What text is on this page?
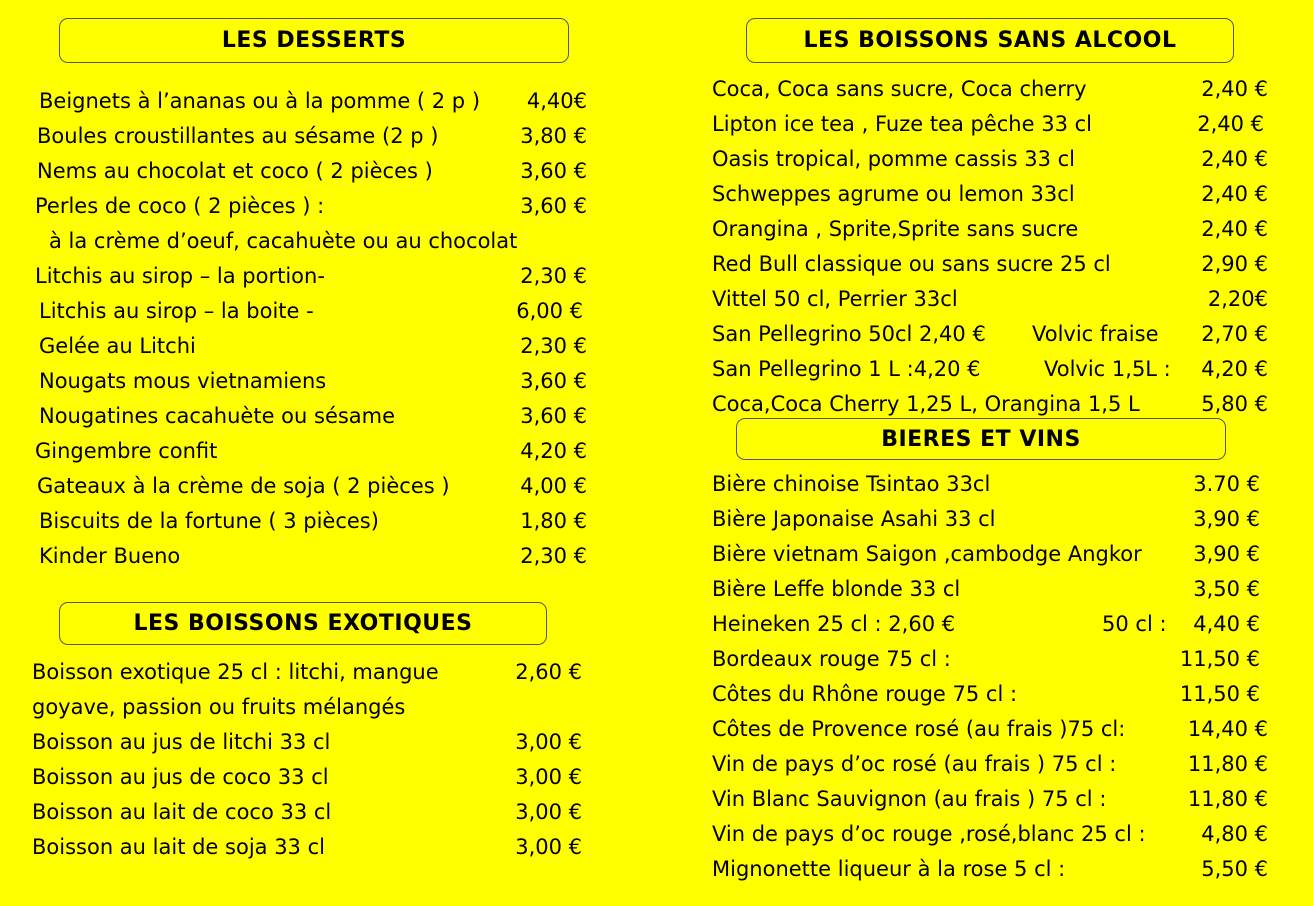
LES DESSERTS
LES BOISSONS EXOTIQUES
LES BOISSONS SANS ALCOOL
BIERES ET VINS
Beignets à l’ananas ou à la pomme ( 2 p ) 4,40€
Boules croustillantes au sésame (2 p )	3,80 €
Nems au chocolat et coco ( 2 pièces )	3,60 €
Perles de coco ( 2 pièces ) :	3,60 €
à la crème d’oeuf, cacahuète ou au chocolat
Litchis au sirop – la portion-	2,30 €
Litchis au sirop – la boite -	6,00 €
Gelée au Litchi	2,30 €
Nougats mous vietnamiens	3,60 €
Nougatines cacahuète ou sésame	3,60 €
Gingembre confit	4,20 €
Gateaux à la crème de soja ( 2 pièces )	4,00 €
Biscuits de la fortune ( 3 pièces)	1,80 €
Kinder Bueno	2,30 €
Boisson exotique 25 cl : litchi, mangue	2,60 €
goyave, passion ou fruits mélangés
Boisson au jus de litchi 33 cl	3,00 €
Boisson au jus de coco 33 cl	3,00 €
Boisson au lait de coco 33 cl	3,00 €
Boisson au lait de soja 33 cl	3,00 €
Coca, Coca sans sucre, Coca cherry	2,40 €
Lipton ice tea , Fuze tea pêche 33 cl	2,40 €
Oasis tropical, pomme cassis 33 cl	2,40 €
Schweppes agrume ou lemon 33cl	2,40 €
Orangina , Sprite,Sprite sans sucre	2,40 €
Red Bull classique ou sans sucre 25 cl	2,90 €
Vittel 50 cl, Perrier 33cl	2,20€
San Pellegrino 50cl 2,40 € Volvic fraise 2,70 €
San Pellegrino 1 L :4,20 €	Volvic 1,5L : 4,20 €
Coca,Coca Cherry 1,25 L, Orangina 1,5 L	5,80 €
Bière chinoise Tsintao 33cl	3.70 €
Bière Japonaise Asahi 33 cl	3,90 €
Bière vietnam Saigon ,cambodge Angkor 3,90 €
Bière Leffe blonde 33 cl	3,50 €
Heineken 25 cl : 2,60 €	50 cl : 4,40 €
Bordeaux rouge 75 cl :	11,50 €
Côtes du Rhône rouge 75 cl :	11,50 €
Côtes de Provence rosé (au frais )75 cl:	14,40 €
Vin de pays d’oc rosé (au frais ) 75 cl :	11,80 €
Vin Blanc Sauvignon (au frais ) 75 cl :	11,80 €
Vin de pays d’oc rouge ,rosé,blanc 25 cl :	4,80 €
Mignonette liqueur à la rose 5 cl :	5,50 €
